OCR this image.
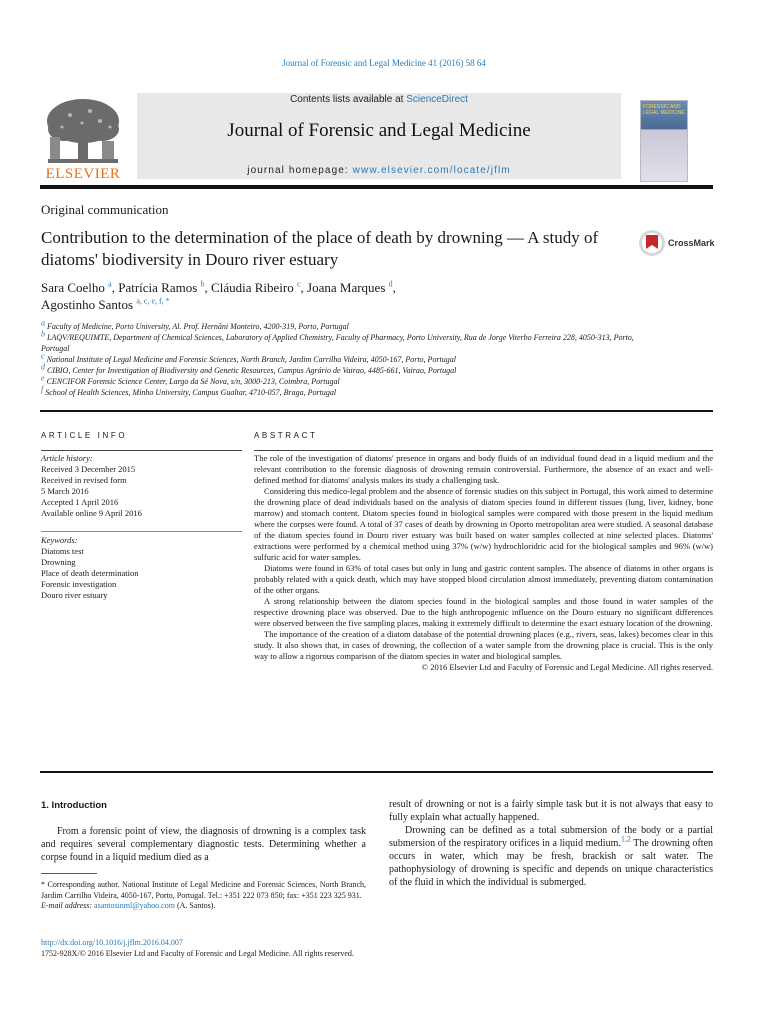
Journal of Forensic and Legal Medicine 41 (2016) 58 64
Contents lists available at ScienceDirect
Journal of Forensic and Legal Medicine
journal homepage: www.elsevier.com/locate/jflm
ELSEVIER
FORENSIC AND LEGAL MEDICINE
Original communication
Contribution to the determination of the place of death by drowning — A study of diatoms' biodiversity in Douro river estuary
CrossMark
Sara Coelho $^a$, Patrícia Ramos $^b$, Cláudia Ribeiro $^c$, Joana Marques $^d$,
Agostinho Santos $^{a, c, e, f, *}$
$^a$ Faculty of Medicine, Porto University, Al. Prof. Hernâni Monteiro, 4200-319, Porto, Portugal
$^b$ LAQV/REQUIMTE, Department of Chemical Sciences, Laboratory of Applied Chemistry, Faculty of Pharmacy, Porto University, Rua de Jorge Viterbo Ferreira 228, 4050-313, Porto, Portugal
$^c$ National Institute of Legal Medicine and Forensic Sciences, North Branch, Jardim Carrilho Videira, 4050-167, Porto, Portugal
$^d$ CIBIO, Center for Investigation of Biodiversity and Genetic Resources, Campus Agrário de Vairao, 4485-661, Vairao, Portugal
$^e$ CENCIFOR Forensic Science Center, Largo da Sé Nova, s/n, 3000-213, Coimbra, Portugal
$^f$ School of Health Sciences, Minho University, Campus Gualtar, 4710-057, Braga, Portugal
ARTICLE INFO	ABSTRACT
Article history:
Received 3 December 2015
Received in revised form
5 March 2016
Accepted 1 April 2016
Available online 9 April 2016
Keywords:
Diatoms test
Drowning
Place of death determination
Forensic investigation
Douro river estuary

The role of the investigation of diatoms' presence in organs and body fluids of an individual found dead in a liquid medium and the relevant contribution to the forensic diagnosis of drowning remain controversial. Furthermore, the absence of an exact and well-defined method for diatoms' analysis makes its study a challenging task.

Considering this medico-legal problem and the absence of forensic studies on this subject in Portugal, this work aimed to determine the drowning place of dead individuals based on the analysis of diatom species found in different tissues (lung, liver, kidney, bone marrow) and stomach content. Diatom species found in biological samples were compared with those present in the liquid medium where the corpses were found. A total of 37 cases of death by drowning in Oporto metropolitan area were studied. A seasonal database of the diatom species found in Douro river estuary was built based on water samples collected at nine selected places. Diatoms' extractions were performed by a chemical method using 37% (w/w) hydrochloridric acid for the biological samples and 96% (w/w) sulfuric acid for water samples.

Diatoms were found in 63% of total cases but only in lung and gastric content samples. The absence of diatoms in other organs is probably related with a quick death, which may have stopped blood circulation almost immediately, preventing diatom contamination of the other organs.

A strong relationship between the diatom species found in the biological samples and those found in water samples of the respective drowning place was observed. Due to the high anthropogenic influence on the Douro estuary no significant differences were observed between the five sampling places, making it extremely difficult to determine the exact estuary location of the drowning.

The importance of the creation of a diatom database of the potential drowning places (e.g., rivers, seas, lakes) becomes clear in this study. It also shows that, in cases of drowning, the collection of a water sample from the drowning place is crucial. This is the only way to allow a rigorous comparison of the diatom species in water and biological samples.

© 2016 Elsevier Ltd and Faculty of Forensic and Legal Medicine. All rights reserved.

1. Introduction

From a forensic point of view, the diagnosis of drowning is a complex task and requires several complementary diagnostic tests. Determining whether a corpse found in a liquid medium died as a

result of drowning or not is a fairly simple task but it is not always that easy to fully explain what actually happened.

Drowning can be defined as a total submersion of the body or a partial submersion of the respiratory orifices in a liquid medium.$^{1,2}$ The drowning often occurs in water, which may be fresh, brackish or salt water. The pathophysiology of drowning is specific and depends on unique characteristics of the fluid in which the individual is submerged.

* Corresponding author. National Institute of Legal Medicine and Forensic Sciences, North Branch, Jardim Carrilho Videira, 4050-167, Porto, Portugal. Tel.: +351 222 073 850; fax: +351 223 325 931.
E-mail address: asantosinml@yahoo.com (A. Santos).
http://dx.doi.org/10.1016/j.jflm.2016.04.007
1752-928X/© 2016 Elsevier Ltd and Faculty of Forensic and Legal Medicine. All rights reserved.
